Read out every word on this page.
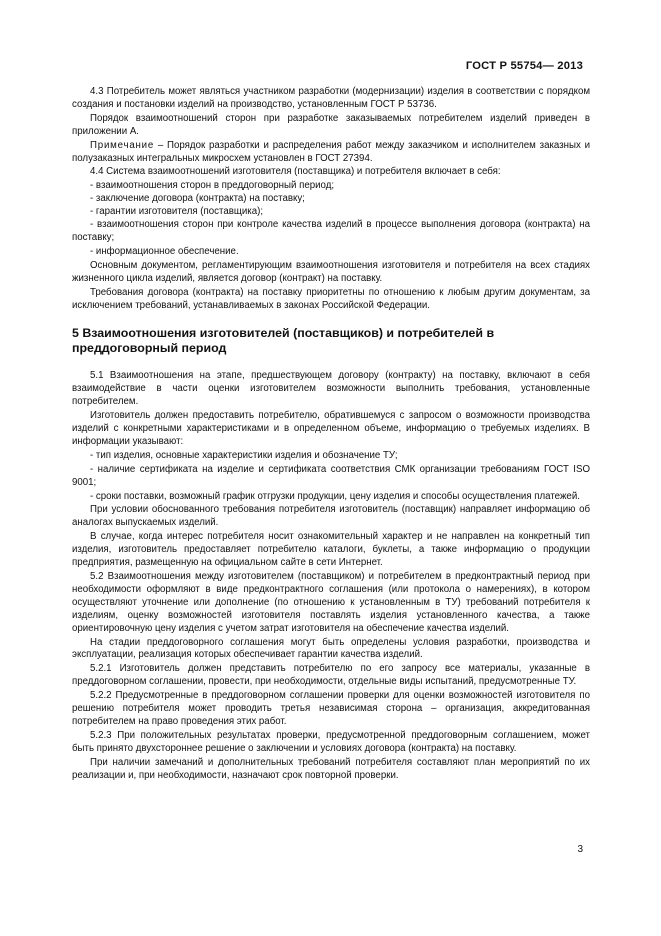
ГОСТ Р 55754— 2013

4.3 Потребитель может являться участником разработки (модернизации) изделия в соответствии с порядком создания и постановки изделий на производство, установленным ГОСТ Р 53736.

Порядок взаимоотношений сторон при разработке заказываемых потребителем изделий приведен в приложении А.

Примечание – Порядок разработки и распределения работ между заказчиком и исполнителем заказных и полузаказных интегральных микросхем установлен в ГОСТ 27394.

4.4 Система взаимоотношений изготовителя (поставщика) и потребителя включает в себя:

- взаимоотношения сторон в преддоговорный период;

- заключение договора (контракта) на поставку;

- гарантии изготовителя (поставщика);

- взаимоотношения сторон при контроле качества изделий в процессе выполнения договора (контракта) на поставку;

- информационное обеспечение.

Основным документом, регламентирующим взаимоотношения изготовителя и потребителя на всех стадиях жизненного цикла изделий, является договор (контракт) на поставку.

Требования договора (контракта) на поставку приоритетны по отношению к любым другим документам, за исключением требований, устанавливаемых в законах Российской Федерации.

5 Взаимоотношения изготовителей (поставщиков) и потребителей в преддоговорный период

5.1 Взаимоотношения на этапе, предшествующем договору (контракту) на поставку, включают в себя взаимодействие в части оценки изготовителем возможности выполнить требования, установленные потребителем.

Изготовитель должен предоставить потребителю, обратившемуся с запросом о возможности производства изделий с конкретными характеристиками и в определенном объеме, информацию о требуемых изделиях. В информации указывают:

- тип изделия, основные характеристики изделия и обозначение ТУ;

- наличие сертификата на изделие и сертификата соответствия СМК организации требованиям ГОСТ ISO 9001;

- сроки поставки, возможный график отгрузки продукции, цену изделия и способы осуществления платежей.

При условии обоснованного требования потребителя изготовитель (поставщик) направляет информацию об аналогах выпускаемых изделий.

В случае, когда интерес потребителя носит ознакомительный характер и не направлен на конкретный тип изделия, изготовитель предоставляет потребителю каталоги, буклеты, а также информацию о продукции предприятия, размещенную на официальном сайте в сети Интернет.

5.2 Взаимоотношения между изготовителем (поставщиком) и потребителем в предконтрактный период при необходимости оформляют в виде предконтрактного соглашения (или протокола о намерениях), в котором осуществляют уточнение или дополнение (по отношению к установленным в ТУ) требований потребителя к изделиям, оценку возможностей изготовителя поставлять изделия установленного качества, а также ориентировочную цену изделия с учетом затрат изготовителя на обеспечение качества изделий.

На стадии преддоговорного соглашения могут быть определены условия разработки, производства и эксплуатации, реализация которых обеспечивает гарантии качества изделий.

5.2.1 Изготовитель должен представить потребителю по его запросу все материалы, указанные в преддоговорном соглашении, провести, при необходимости, отдельные виды испытаний, предусмотренные ТУ.

5.2.2 Предусмотренные в преддоговорном соглашении проверки для оценки возможностей изготовителя по решению потребителя может проводить третья независимая сторона – организация, аккредитованная потребителем на право проведения этих работ.

5.2.3 При положительных результатах проверки, предусмотренной преддоговорным соглашением, может быть принято двухстороннее решение о заключении и условиях договора (контракта) на поставку.

При наличии замечаний и дополнительных требований потребителя составляют план мероприятий по их реализации и, при необходимости, назначают срок повторной проверки.

3
